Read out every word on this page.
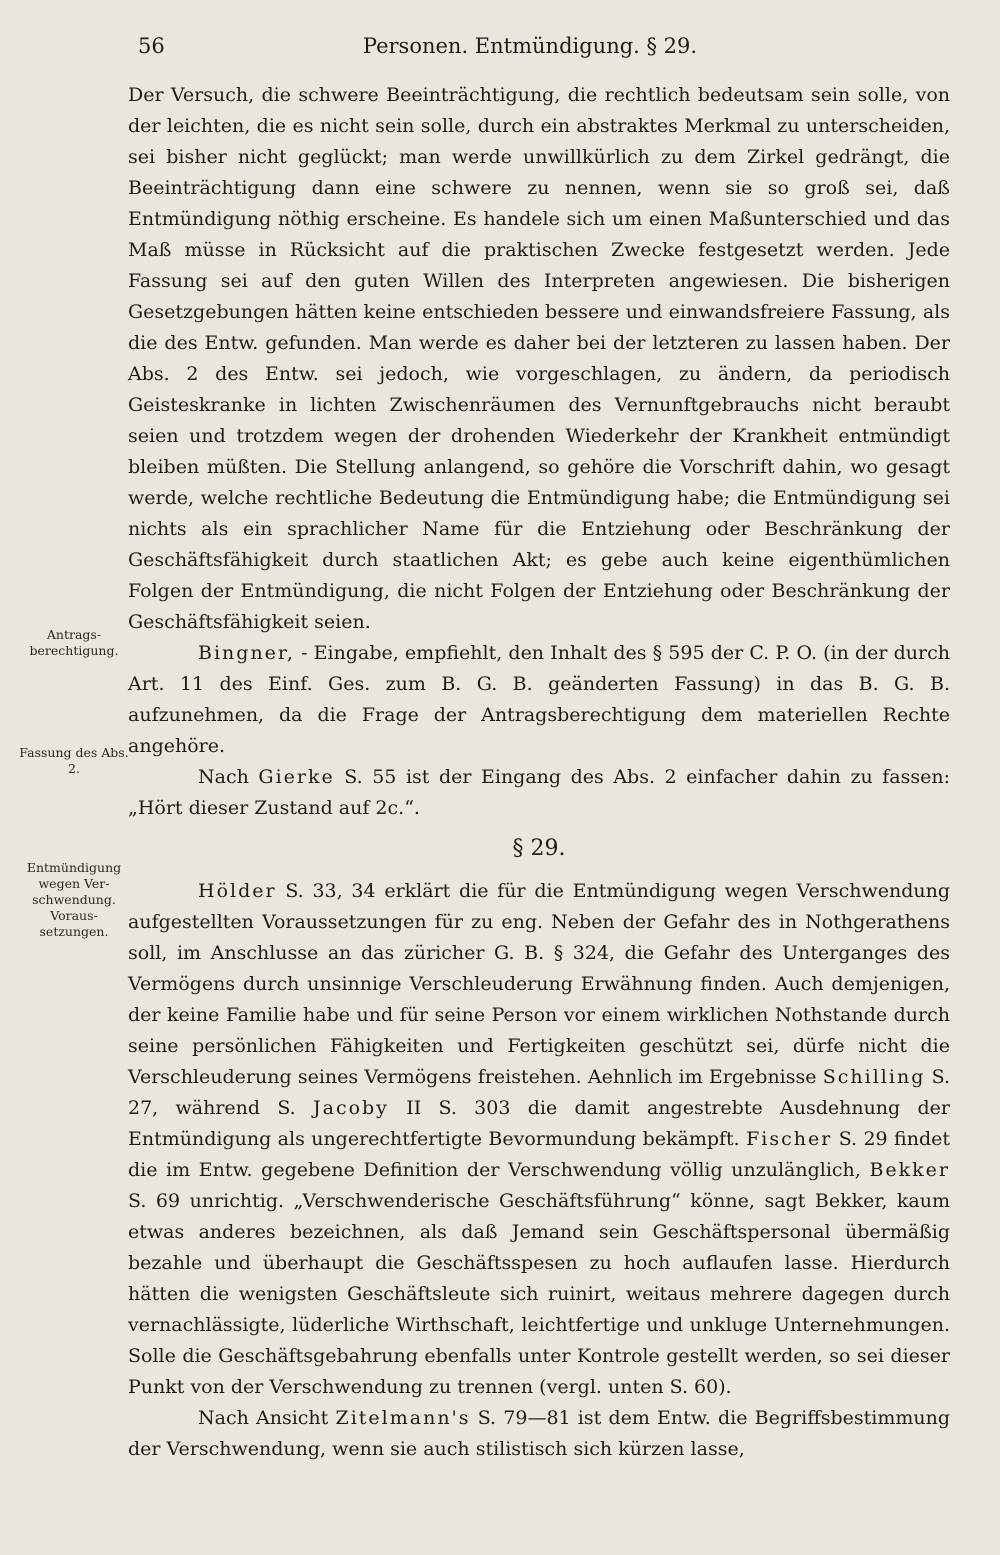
56	Personen. Entmündigung. § 29.
Antragsberechtigung.
Fassung des Abs. 2.
Entmündigung wegen Verschwendung. Voraussetzungen.

Der Versuch, die schwere Beeinträchtigung, die rechtlich bedeutsam sein solle, von der leichten, die es nicht sein solle, durch ein abstraktes Merkmal zu unterscheiden, sei bisher nicht geglückt; man werde unwillkürlich zu dem Zirkel gedrängt, die Beeinträchtigung dann eine schwere zu nennen, wenn sie so groß sei, daß Entmündigung nöthig erscheine. Es handele sich um einen Maßunterschied und das Maß müsse in Rücksicht auf die praktischen Zwecke festgesetzt werden. Jede Fassung sei auf den guten Willen des Interpreten angewiesen. Die bisherigen Gesetzgebungen hätten keine entschieden bessere und einwandsfreiere Fassung, als die des Entw. gefunden. Man werde es daher bei der letzteren zu lassen haben. Der Abs. 2 des Entw. sei jedoch, wie vorgeschlagen, zu ändern, da periodisch Geisteskranke in lichten Zwischenräumen des Vernunftgebrauchs nicht beraubt seien und trotzdem wegen der drohenden Wiederkehr der Krankheit entmündigt bleiben müßten. Die Stellung anlangend, so gehöre die Vorschrift dahin, wo gesagt werde, welche rechtliche Bedeutung die Entmündigung habe; die Entmündigung sei nichts als ein sprachlicher Name für die Entziehung oder Beschränkung der Geschäftsfähigkeit durch staatlichen Akt; es gebe auch keine eigenthümlichen Folgen der Entmündigung, die nicht Folgen der Entziehung oder Beschränkung der Geschäftsfähigkeit seien.

Bingner, - Eingabe, empfiehlt, den Inhalt des § 595 der C. P. O. (in der durch Art. 11 des Einf. Ges. zum B. G. B. geänderten Fassung) in das B. G. B. aufzunehmen, da die Frage der Antragsberechtigung dem materiellen Rechte angehöre.

Nach Gierke S. 55 ist der Eingang des Abs. 2 einfacher dahin zu fassen: „Hört dieser Zustand auf 2c.“.

§ 29.

Hölder S. 33, 34 erklärt die für die Entmündigung wegen Verschwendung aufgestellten Voraussetzungen für zu eng. Neben der Gefahr des in Nothgerathens soll, im Anschlusse an das züricher G. B. § 324, die Gefahr des Unterganges des Vermögens durch unsinnige Verschleuderung Erwähnung finden. Auch demjenigen, der keine Familie habe und für seine Person vor einem wirklichen Nothstande durch seine persönlichen Fähigkeiten und Fertigkeiten geschützt sei, dürfe nicht die Verschleuderung seines Vermögens freistehen. Aehnlich im Ergebnisse Schilling S. 27, während S. Jacoby II S. 303 die damit angestrebte Ausdehnung der Entmündigung als ungerechtfertigte Bevormundung bekämpft. Fischer S. 29 findet die im Entw. gegebene Definition der Verschwendung völlig unzulänglich, Bekker S. 69 unrichtig. „Verschwenderische Geschäftsführung“ könne, sagt Bekker, kaum etwas anderes bezeichnen, als daß Jemand sein Geschäftspersonal übermäßig bezahle und überhaupt die Geschäftsspesen zu hoch auflaufen lasse. Hierdurch hätten die wenigsten Geschäftsleute sich ruinirt, weitaus mehrere dagegen durch vernachlässigte, lüderliche Wirthschaft, leichtfertige und unkluge Unternehmungen. Solle die Geschäftsgebahrung ebenfalls unter Kontrole gestellt werden, so sei dieser Punkt von der Verschwendung zu trennen (vergl. unten S. 60).

Nach Ansicht Zitelmann's S. 79—81 ist dem Entw. die Begriffsbestimmung der Verschwendung, wenn sie auch stilistisch sich kürzen lasse,
